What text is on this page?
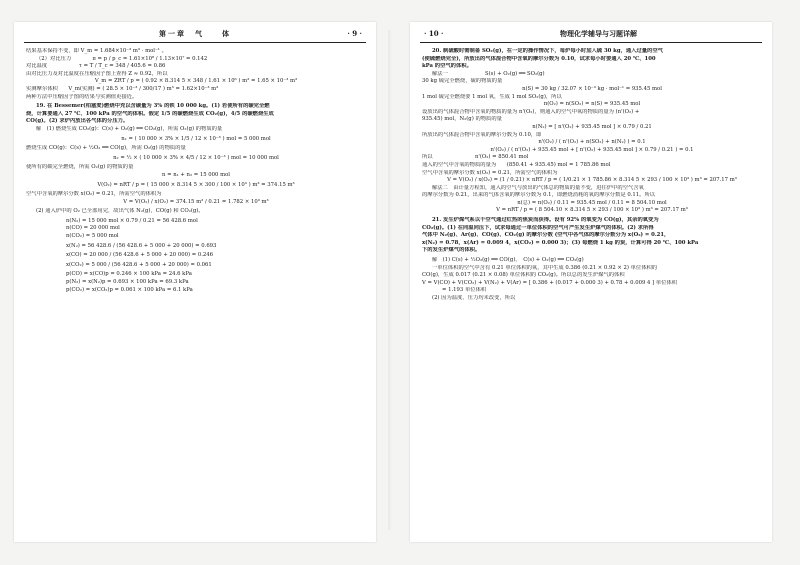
第一章　气　　体	· 9 ·
结果基本保持不变，即 V_m = 1.684×10⁻³ m³ · mol⁻¹ 。
（2）对比压力　　　　π = p / p_c = 1.61×10⁸ / 1.13×10⁷ = 0.142
对比温度　　　　　　τ = T / T_c = 348 / 405.6 = 0.86
由对比压力及对比温度在压缩因子图上查得 Z ≈ 0.92，所以
V_m = ZRT / p = ( 0.92 × 8.314 5 × 348 / 1.61 × 10⁶ ) m³ = 1.65 × 10⁻³ m³
实测摩尔体积　　V_m(实测) = ( 28.5 × 10⁻³ / 300/17 ) m³ = 1.62×10⁻³ m³
两种方法中压缩因子图的结果与实测值更接近。
19. 在 Bessemer(柏塞麦)燃烧中充以含碳量为 3% 的铁 10 000 kg。(1) 若使所有的碳完全燃
烧，计算要通入 27 ℃、100 kPa 的空气的体积。假定 1/5 的碳燃烧生成 CO₂(g)，4/5 的碳燃烧生成
CO(g)。(2) 求炉内放出各气体的分压力。
解　(1) 燃烧生成 CO₂(g)：C(s) + O₂(g) ══ CO₂(g)，所需 O₂(g) 的物质的量
n₁ = ( 10 000 × 3% × 1/5 / 12 × 10⁻³ ) mol = 5 000 mol
燃烧生成 CO(g)：C(s) + ½O₂ ══ CO(g)，所需 O₂(g) 的物质的量
n₂ = ½ × ( 10 000 × 3% × 4/5 / 12 × 10⁻³ ) mol = 10 000 mol
使所有的碳完全燃烧，所需 O₂(g) 的物质的量
n = n₁ + n₂ = 15 000 mol
V(O₂) = nRT / p = ( 15 000 × 8.314 5 × 300 / 100 × 10³ ) m³ = 374.15 m³
空气中含氧的摩尔分数 x(O₂) = 0.21，所需空气的体积为
V = V(O₂) / x(O₂) = 374.15 m³ / 0.21 = 1.782 × 10³ m³
(2) 通入炉中的 O₂ 已全部用完，故出气体 N₂(g)，CO(g) 和 CO₂(g)。
n(N₂) = 15 000 mol × 0.79 / 0.21 = 56 428.6 mol
n(CO) = 20 000 mol
n(CO₂) = 5 000 mol
x(N₂) = 56 428.6 / (56 428.6 + 5 000 + 20 000) = 0.693
x(CO) = 20 000 / (56 428.6 + 5 000 + 20 000) = 0.246
x(CO₂) = 5 000 / (56 428.6 + 5 000 + 20 000) = 0.061
p(CO) = x(CO)p = 0.246 × 100 kPa = 24.6 kPa
p(N₂) = x(N₂)p = 0.693 × 100 kPa = 69.3 kPa
p(CO₂) = x(CO₂)p = 0.061 × 100 kPa = 6.1 kPa
· 10 ·	物理化学辅导与习题详解
20. 制硫酸时需制备 SO₂(g)，在一定的操作情况下，每炉每小时加入硫 30 kg，通入过量的空气
(使硫燃烧完全)，所放出的气体混合物中含氧的摩尔分数为 0.10，试求每小时要通入 20 ℃、100
kPa 的空气的体积。
解法一　　　　　　　S(s) + O₂(g) ══ SO₂(g)
30 kg 硫完全燃烧，硫的物质的量
n(S) = 30 kg / 32.07 × 10⁻³ kg · mol⁻¹ = 935.45 mol
1 mol 硫完全燃烧要 1 mol 氧，生成 1 mol SO₂(g)，所以
n(O₂) = n(SO₂) = n(S) = 935.45 mol
设放出的气体混合物中含氧的物质的量为 n'(O₂)，则通入的空气中氧的物质的量为 (n'(O₂) +
935.45) mol，N₂(g) 的物质的量
n(N₂) = [ n'(O₂) + 935.45 mol ] × 0.79 / 0.21
所放出的气体混合物中含氧的摩尔分数为 0.10，即
n'(O₂) / ( n'(O₂) + n(SO₂) + n(N₂) ) = 0.1
n'(O₂) / ( n'(O₂) + 935.45 mol + [ n'(O₂) + 935.45 mol ] × 0.79 / 0.21 ) = 0.1
所以　　　　　　　　n'(O₂) = 850.41 mol
通入的空气中含氧的物质的量为　　(850.41 + 935.45) mol = 1 785.86 mol
空气中含氧的摩尔分数 x(O₂) = 0.21，所需空气的体积为
V = V(O₂) / x(O₂) = (1 / 0.21) × nRT / p = ( 1/0.21 × 1 785.86 × 8.314 5 × 293 / 100 × 10³ ) m³ = 207.17 m³
解法二　由计量方程知，通入的空气与放出的气体总的物质的量不变，进往炉中的空气含氧
的摩尔分数为 0.21，出来的气体含氧的摩尔分数为 0.1，即燃烧消耗的氧的摩尔分数是 0.11。所以
n(总) = n(O₂) / 0.11 = 935.45 mol / 0.11 = 8 504.10 mol
V = nRT / p = ( 8 504.10 × 8.314 5 × 293 / 100 × 10³ ) m³ = 207.17 m³
21. 发生炉煤气系以干空气通过红热的焦炭而获得。设有 92% 的氧变为 CO(g)，其余的氧变为
CO₂(g)。(1) 在同温同压下，试求每通过一单位体积的空气可产生发生炉煤气的体积。(2) 求所得
气体中 N₂(g)、Ar(g)、CO(g)、CO₂(g) 的摩尔分数 (空气中各气体的摩尔分数分为 x(O₂) = 0.21，
x(N₂) = 0.78，x(Ar) = 0.009 4，x(CO₂) = 0.000 3)；(3) 每燃烧 1 kg 的炭，计算可得 20 ℃、100 kPa
下的发生炉煤气的体积。
解　(1) C(s) + ½O₂(g) ══ CO(g)，　C(s) + O₂(g) ══ CO₂(g)
一单位体积的空气中含有 0.21 单位体积的氧，其中生成 0.386 (0.21 × 0.92 × 2) 单位体积的
CO(g)，生成 0.017 (0.21 × 0.08) 单位体积的 CO₂(g)。所以总的发生炉煤气的体积
V = V(CO) + V(CO₂) + V(N₂) + V(Ar) = [ 0.386 + (0.017 + 0.000 3) + 0.78 + 0.009 4 ] 单位体积
= 1.193 单位体积
(2) 因为温度、压力均未改变，所以
